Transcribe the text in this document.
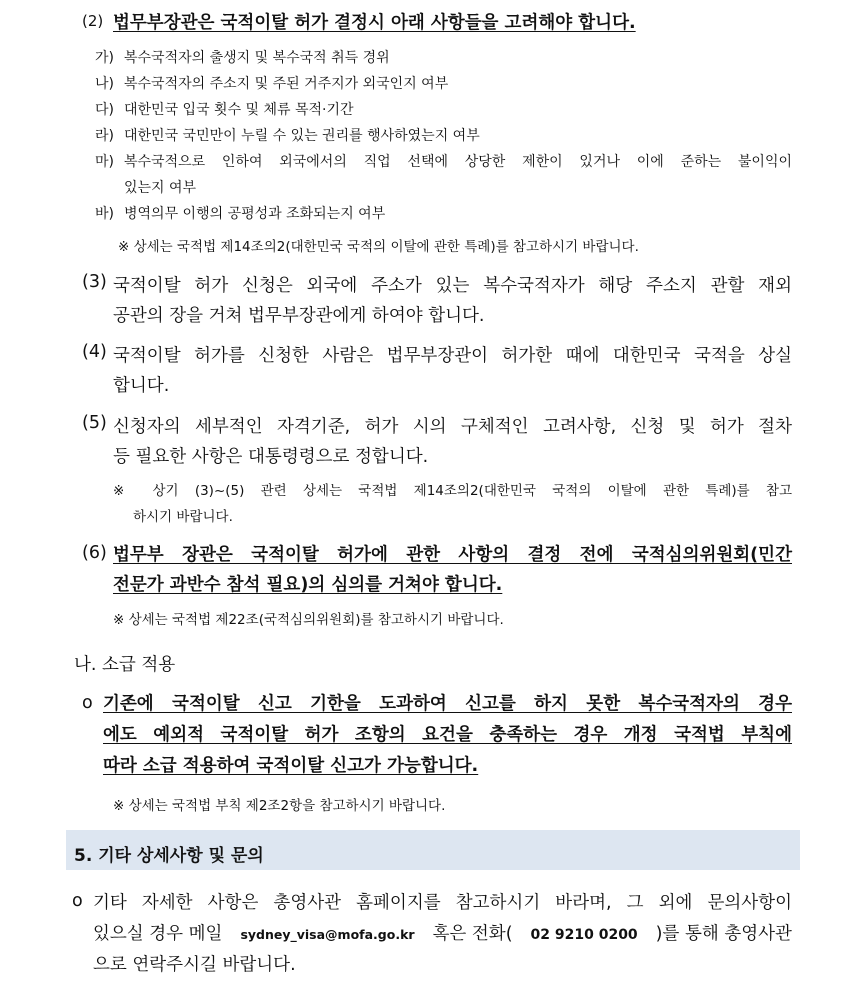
(2) 법무부장관은 국적이탈 허가 결정시 아래 사항들을 고려해야 합니다.
가) 복수국적자의 출생지 및 복수국적 취득 경위
나) 복수국적자의 주소지 및 주된 거주지가 외국인지 여부
다) 대한민국 입국 횟수 및 체류 목적·기간
라) 대한민국 국민만이 누릴 수 있는 권리를 행사하였는지 여부
마) 복수국적으로 인하여 외국에서의 직업 선택에 상당한 제한이 있거나 이에 준하는 불이익이
있는지 여부
바) 병역의무 이행의 공평성과 조화되는지 여부
※ 상세는 국적법 제14조의2(대한민국 국적의 이탈에 관한 특례)를 참고하시기 바랍니다.
(3) 국적이탈 허가 신청은 외국에 주소가 있는 복수국적자가 해당 주소지 관할 재외
공관의 장을 거쳐 법무부장관에게 하여야 합니다.
(4) 국적이탈 허가를 신청한 사람은 법무부장관이 허가한 때에 대한민국 국적을 상실
합니다.
(5) 신청자의 세부적인 자격기준, 허가 시의 구체적인 고려사항, 신청 및 허가 절차
등 필요한 사항은 대통령령으로 정합니다.
※ 상기 (3)~(5) 관련 상세는 국적법 제14조의2(대한민국 국적의 이탈에 관한 특례)를 참고
하시기 바랍니다.
(6) 법무부 장관은 국적이탈 허가에 관한 사항의 결정 전에 국적심의위원회(민간
전문가 과반수 참석 필요)의 심의를 거쳐야 합니다.
※ 상세는 국적법 제22조(국적심의위원회)를 참고하시기 바랍니다.
나. 소급 적용
o 기존에 국적이탈 신고 기한을 도과하여 신고를 하지 못한 복수국적자의 경우
에도 예외적 국적이탈 허가 조항의 요건을 충족하는 경우 개정 국적법 부칙에
따라 소급 적용하여 국적이탈 신고가 가능합니다.
※ 상세는 국적법 부칙 제2조2항을 참고하시기 바랍니다.
5. 기타 상세사항 및 문의
o 기타 자세한 사항은 총영사관 홈페이지를 참고하시기 바라며, 그 외에 문의사항이
있으실 경우 메일 sydney_visa@mofa.go.kr 혹은 전화( 02 9210 0200 )를 통해 총영사관
으로 연락주시길 바랍니다.
